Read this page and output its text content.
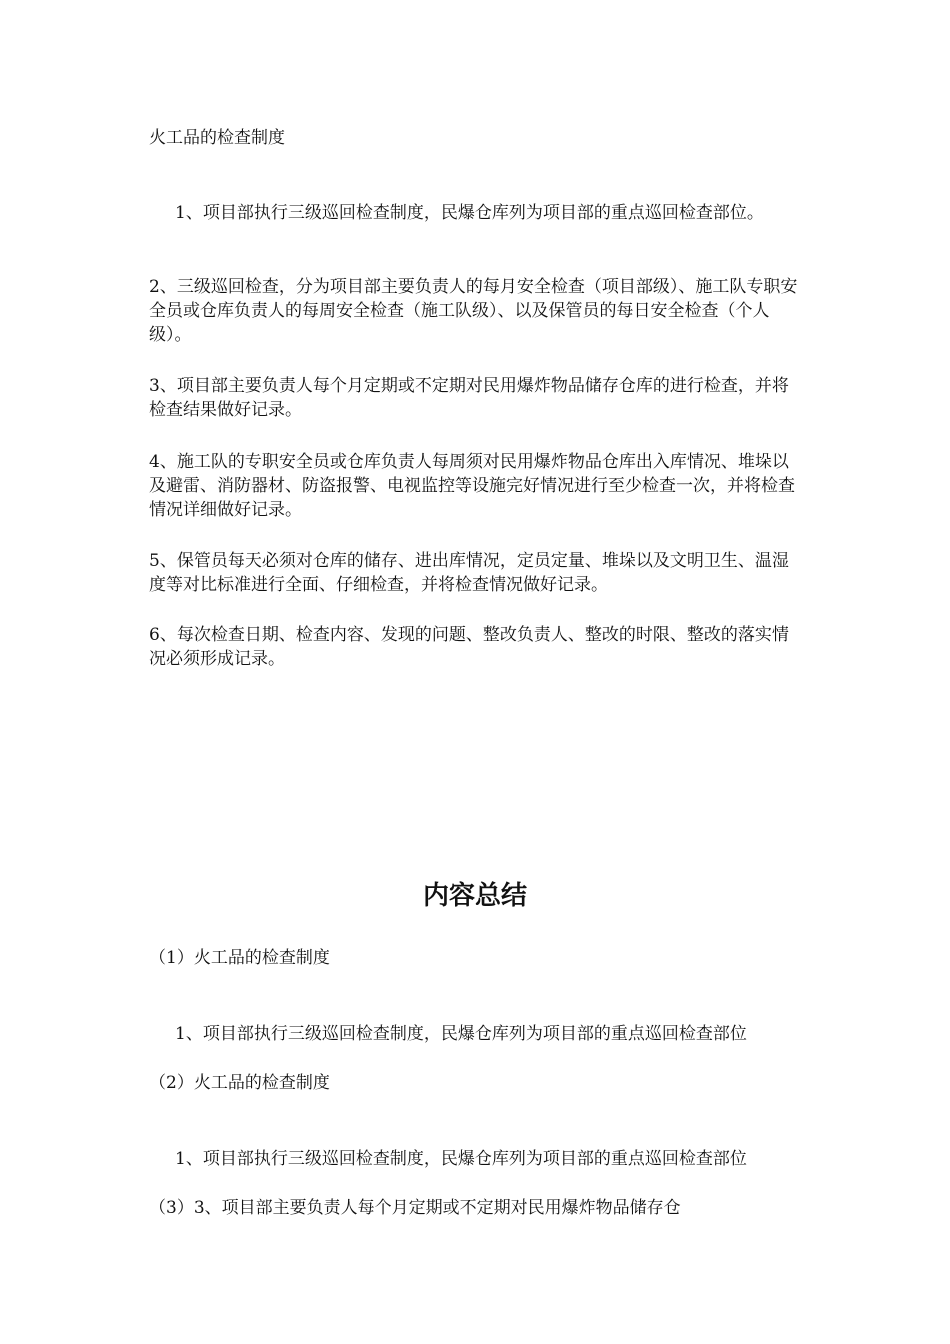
火工品的检查制度

1、项目部执行三级巡回检查制度，民爆仓库列为项目部的重点巡回检查部位。

2、三级巡回检查，分为项目部主要负责人的每月安全检查（项目部级）、施工队专职安全员或仓库负责人的每周安全检查（施工队级）、以及保管员的每日安全检查（个人级）。

3、项目部主要负责人每个月定期或不定期对民用爆炸物品储存仓库的进行检查，并将检查结果做好记录。

4、施工队的专职安全员或仓库负责人每周须对民用爆炸物品仓库出入库情况、堆垛以及避雷、消防器材、防盗报警、电视监控等设施完好情况进行至少检查一次，并将检查情况详细做好记录。

5、保管员每天必须对仓库的储存、进出库情况，定员定量、堆垛以及文明卫生、温湿度等对比标准进行全面、仔细检查，并将检查情况做好记录。

6、每次检查日期、检查内容、发现的问题、整改负责人、整改的时限、整改的落实情况必须形成记录。

内容总结

（1）火工品的检查制度

1、项目部执行三级巡回检查制度，民爆仓库列为项目部的重点巡回检查部位

（2）火工品的检查制度

1、项目部执行三级巡回检查制度，民爆仓库列为项目部的重点巡回检查部位

（3）3、项目部主要负责人每个月定期或不定期对民用爆炸物品储存仓
